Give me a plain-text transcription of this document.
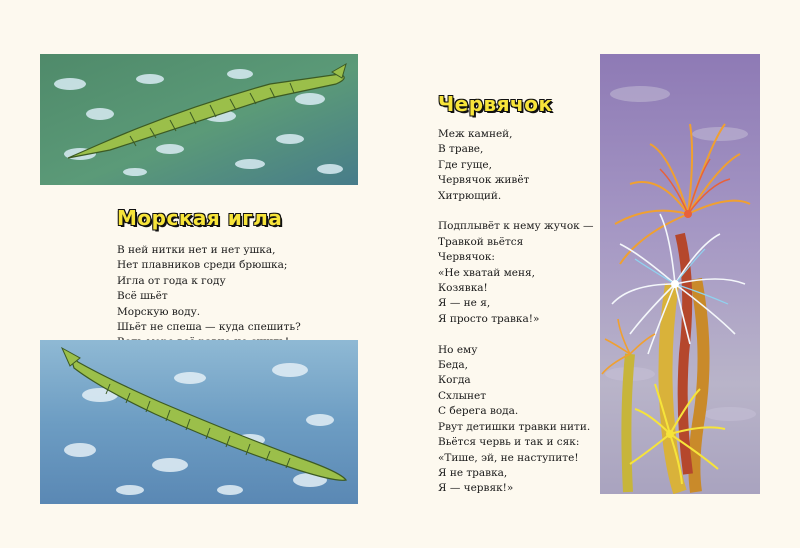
Морская игла
В ней нитки нет и нет ушка,
Нет плавников среди брюшка;
Игла от года к году
Всё шьёт
Морскую воду.
Шьёт не спеша — куда спешить?
Червячок
Меж камней,
В траве,
Где гуще,
Червячок живёт
Хитрющий.
Подплывёт к нему жучок —
Травкой вьётся
Червячок:
«Не хватай меня,
Козявка!
Я — не я,
Я просто травка!»
Но ему
Беда,
Когда
Схлынет
С берега вода.
Рвут детишки травки нити.
Вьётся червь и так и сяк:
«Тише, эй, не наступите!
Я не травка,
Я — червяк!»
